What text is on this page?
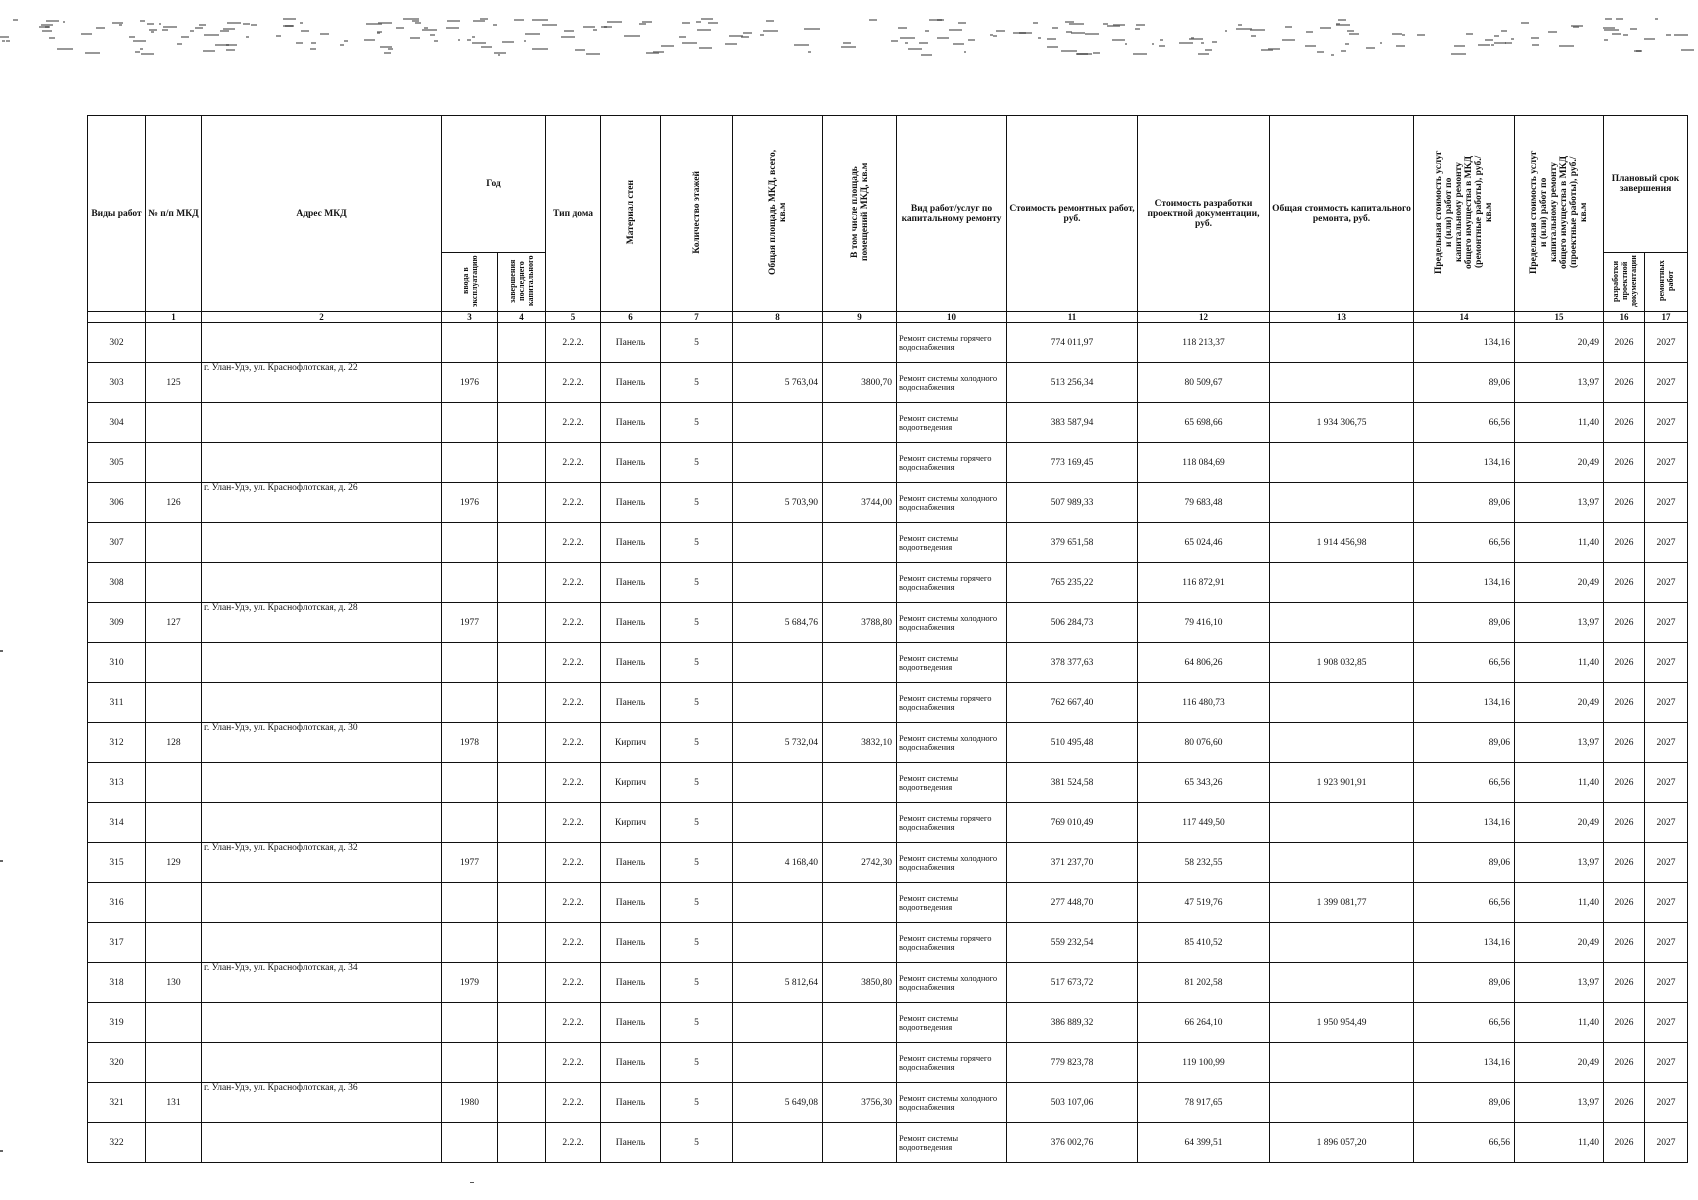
Виды работ	№ п/п МКД	Адрес МКД	Год		Тип дома	Материал стен	Количество этажей	Общая площадь МКД, всего, кв.м	В том числе площадь помещений МКД, кв.м	Вид работ/услуг по капитальному ремонту	Стоимость ремонтных работ, руб.	Стоимость разработки проектной документации, руб.	Общая стоимость капитального ремонта, руб.	Предельная стоимость услуг и (или) работ по капитальному ремонту общего имущества в МКД (ремонтные работы), руб./кв.м	Предельная стоимость услуг и (или) работ по капитальному ремонту общего имущества в МКД (проектные работы), руб./кв.м	Плановый срок завершения	
			ввода в эксплуатацию	завершения последнего капитального												разработки проектной документации	ремонтных работ
	1	2	3	4	5	6	7	8	9	10	11	12	13	14	15	16	17
302					2.2.2.	Панель	5			Ремонт системы горячего водоснабжения	774 011,97	118 213,37		134,16	20,49	2026	2027
303	125	г. Улан-Удэ, ул. Краснофлотская, д. 22	1976		2.2.2.	Панель	5	5 763,04	3800,70	Ремонт системы холодного водоснабжения	513 256,34	80 509,67		89,06	13,97	2026	2027
304					2.2.2.	Панель	5			Ремонт системы водоотведения	383 587,94	65 698,66	1 934 306,75	66,56	11,40	2026	2027
305					2.2.2.	Панель	5			Ремонт системы горячего водоснабжения	773 169,45	118 084,69		134,16	20,49	2026	2027
306	126	г. Улан-Удэ, ул. Краснофлотская, д. 26	1976		2.2.2.	Панель	5	5 703,90	3744,00	Ремонт системы холодного водоснабжения	507 989,33	79 683,48		89,06	13,97	2026	2027
307					2.2.2.	Панель	5			Ремонт системы водоотведения	379 651,58	65 024,46	1 914 456,98	66,56	11,40	2026	2027
308					2.2.2.	Панель	5			Ремонт системы горячего водоснабжения	765 235,22	116 872,91		134,16	20,49	2026	2027
309	127	г. Улан-Удэ, ул. Краснофлотская, д. 28	1977		2.2.2.	Панель	5	5 684,76	3788,80	Ремонт системы холодного водоснабжения	506 284,73	79 416,10		89,06	13,97	2026	2027
310					2.2.2.	Панель	5			Ремонт системы водоотведения	378 377,63	64 806,26	1 908 032,85	66,56	11,40	2026	2027
311					2.2.2.	Панель	5			Ремонт системы горячего водоснабжения	762 667,40	116 480,73		134,16	20,49	2026	2027
312	128	г. Улан-Удэ, ул. Краснофлотская, д. 30	1978		2.2.2.	Кирпич	5	5 732,04	3832,10	Ремонт системы холодного водоснабжения	510 495,48	80 076,60		89,06	13,97	2026	2027
313					2.2.2.	Кирпич	5			Ремонт системы водоотведения	381 524,58	65 343,26	1 923 901,91	66,56	11,40	2026	2027
314					2.2.2.	Кирпич	5			Ремонт системы горячего водоснабжения	769 010,49	117 449,50		134,16	20,49	2026	2027
315	129	г. Улан-Удэ, ул. Краснофлотская, д. 32	1977		2.2.2.	Панель	5	4 168,40	2742,30	Ремонт системы холодного водоснабжения	371 237,70	58 232,55		89,06	13,97	2026	2027
316					2.2.2.	Панель	5			Ремонт системы водоотведения	277 448,70	47 519,76	1 399 081,77	66,56	11,40	2026	2027
317					2.2.2.	Панель	5			Ремонт системы горячего водоснабжения	559 232,54	85 410,52		134,16	20,49	2026	2027
318	130	г. Улан-Удэ, ул. Краснофлотская, д. 34	1979		2.2.2.	Панель	5	5 812,64	3850,80	Ремонт системы холодного водоснабжения	517 673,72	81 202,58		89,06	13,97	2026	2027
319					2.2.2.	Панель	5			Ремонт системы водоотведения	386 889,32	66 264,10	1 950 954,49	66,56	11,40	2026	2027
320					2.2.2.	Панель	5			Ремонт системы горячего водоснабжения	779 823,78	119 100,99		134,16	20,49	2026	2027
321	131	г. Улан-Удэ, ул. Краснофлотская, д. 36	1980		2.2.2.	Панель	5	5 649,08	3756,30	Ремонт системы холодного водоснабжения	503 107,06	78 917,65		89,06	13,97	2026	2027
322					2.2.2.	Панель	5			Ремонт системы водоотведения	376 002,76	64 399,51	1 896 057,20	66,56	11,40	2026	2027
